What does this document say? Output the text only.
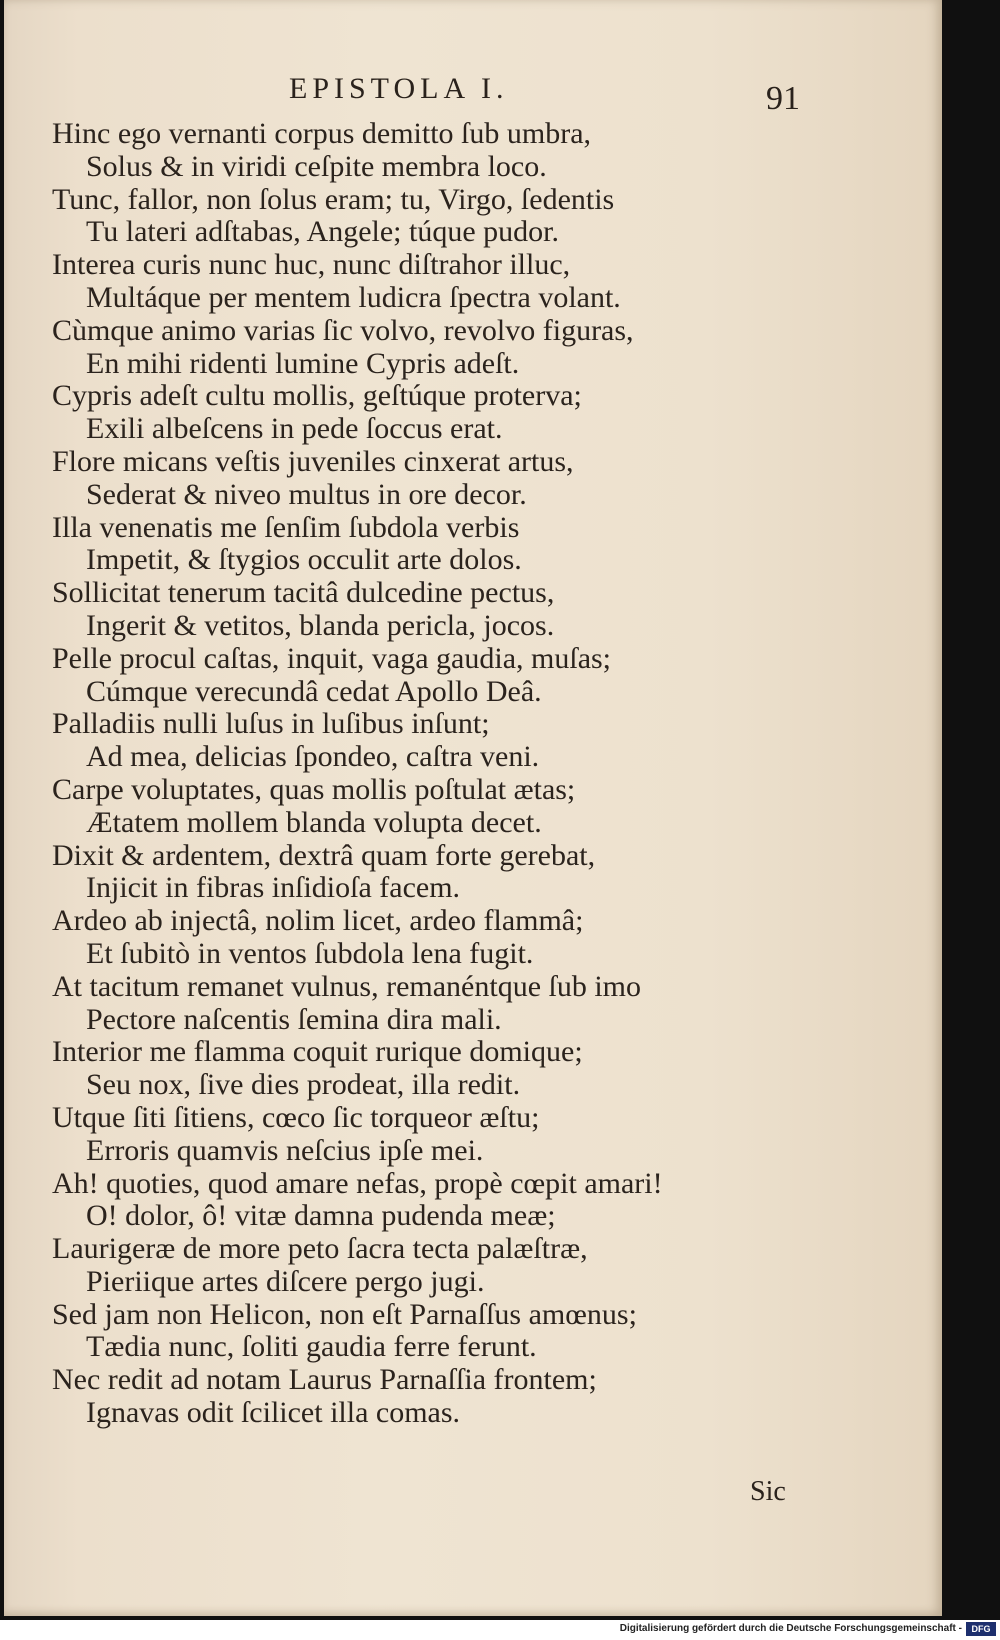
EPISTOLA I.	91
Hinc ego vernanti corpus demitto ſub umbra,
Solus & in viridi ceſpite membra loco.
Tunc, fallor, non ſolus eram; tu, Virgo, ſedentis
Tu lateri adſtabas, Angele; túque pudor.
Interea curis nunc huc, nunc diſtrahor illuc,
Multáque per mentem ludicra ſpectra volant.
Cùmque animo varias ſic volvo, revolvo figuras,
En mihi ridenti lumine Cypris adeſt.
Cypris adeſt cultu mollis, geſtúque proterva;
Exili albeſcens in pede ſoccus erat.
Flore micans veſtis juveniles cinxerat artus,
Sederat & niveo multus in ore decor.
Illa venenatis me ſenſim ſubdola verbis
Impetit, & ſtygios occulit arte dolos.
Sollicitat tenerum tacitâ dulcedine pectus,
Ingerit & vetitos, blanda pericla, jocos.
Pelle procul caſtas, inquit, vaga gaudia, muſas;
Cúmque verecundâ cedat Apollo Deâ.
Palladiis nulli luſus in luſibus inſunt;
Ad mea, delicias ſpondeo, caſtra veni.
Carpe voluptates, quas mollis poſtulat ætas;
Ætatem mollem blanda volupta decet.
Dixit & ardentem, dextrâ quam forte gerebat,
Injicit in fibras inſidioſa facem.
Ardeo ab injectâ, nolim licet, ardeo flammâ;
Et ſubitò in ventos ſubdola lena fugit.
At tacitum remanet vulnus, remanéntque ſub imo
Pectore naſcentis ſemina dira mali.
Interior me flamma coquit rurique domique;
Seu nox, ſive dies prodeat, illa redit.
Utque ſiti ſitiens, cœco ſic torqueor æſtu;
Erroris quamvis neſcius ipſe mei.
Ah! quoties, quod amare nefas, propè cœpit amari!
O! dolor, ô! vitæ damna pudenda meæ;
Laurigeræ de more peto ſacra tecta palæſtræ,
Pieriique artes diſcere pergo jugi.
Sed jam non Helicon, non eſt Parnaſſus amœnus;
Tædia nunc, ſoliti gaudia ferre ferunt.
Nec redit ad notam Laurus Parnaſſia frontem;
Ignavas odit ſcilicet illa comas.
Sic
Digitalisierung gefördert durch die Deutsche Forschungsgemeinschaft -	DFG
